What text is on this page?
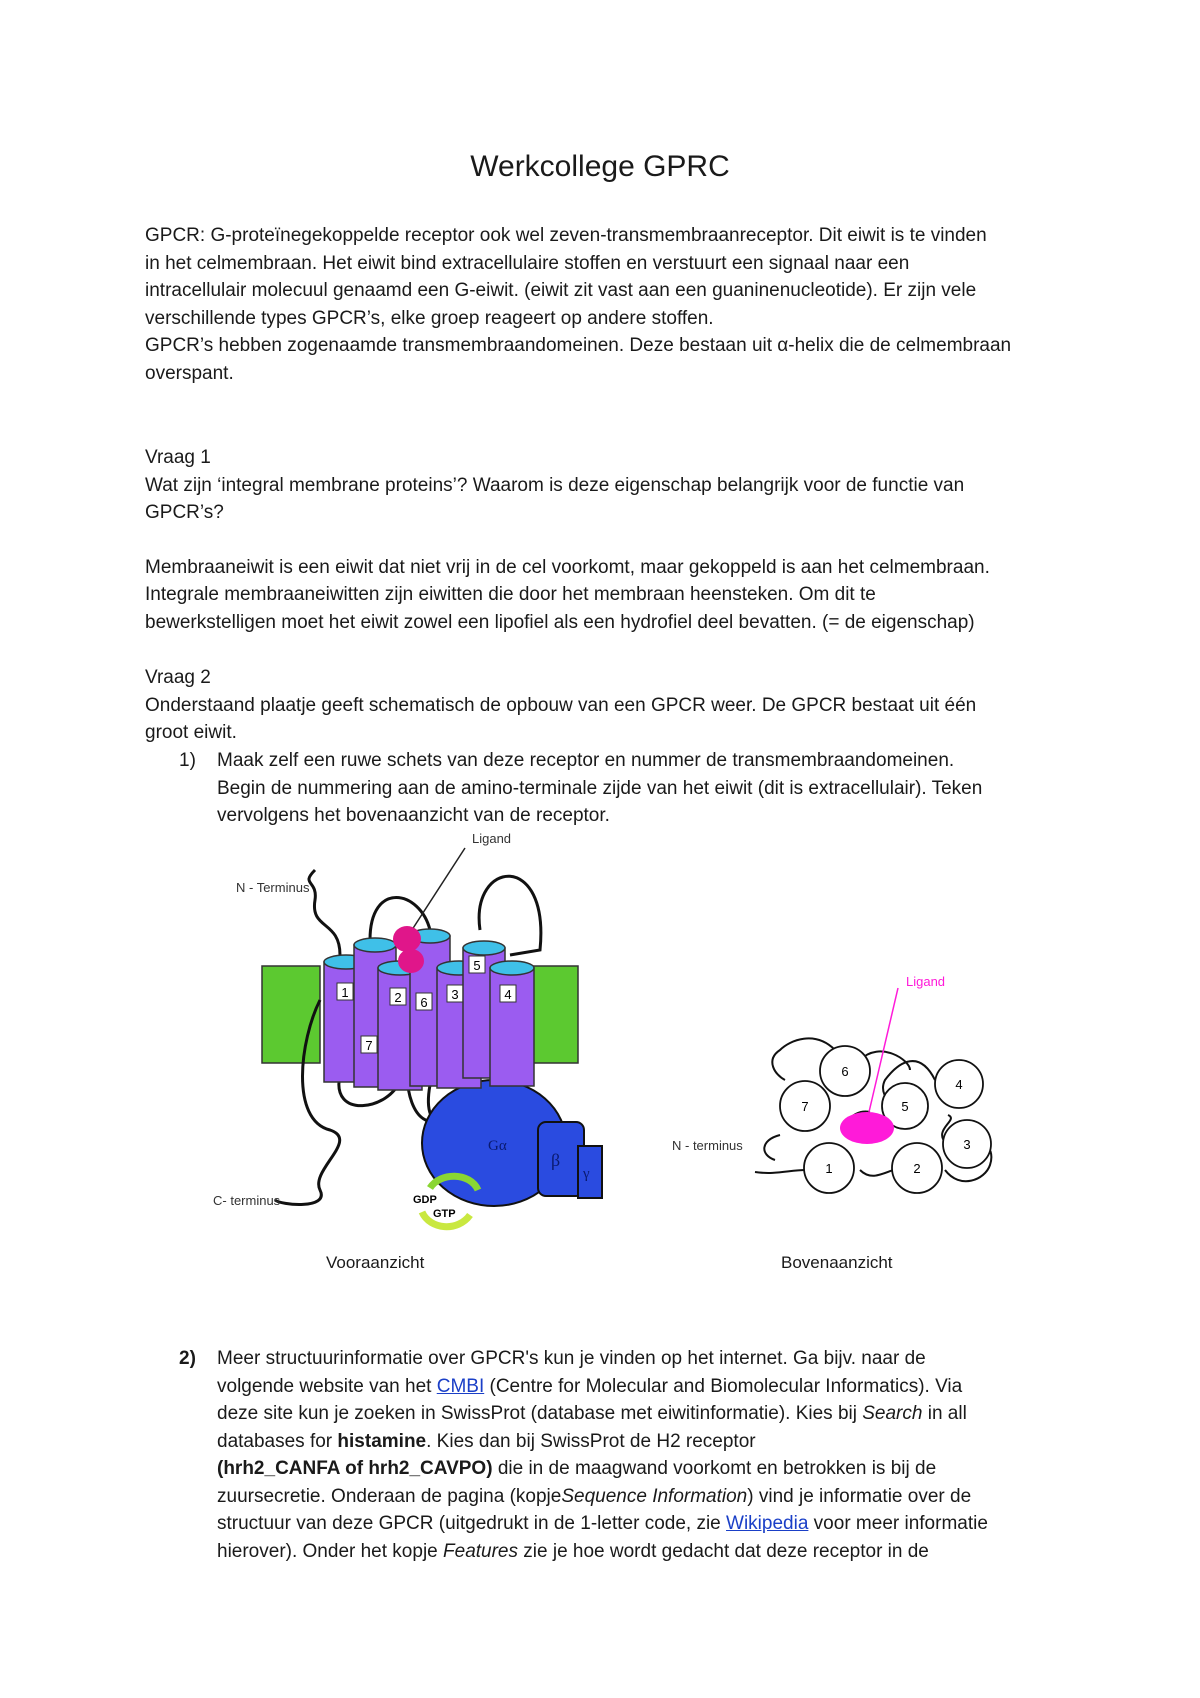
Werkcollege GPRC

GPCR: G-proteïnegekoppelde receptor ook wel zeven-transmembraanreceptor. Dit eiwit is te vinden

in het celmembraan. Het eiwit bind extracellulaire stoffen en verstuurt een signaal naar een

intracellulair molecuul genaamd een G-eiwit. (eiwit zit vast aan een guaninenucleotide). Er zijn vele

verschillende types GPCR’s, elke groep reageert op andere stoffen.

GPCR’s hebben zogenaamde transmembraandomeinen. Deze bestaan uit α-helix die de celmembraan

overspant.

Vraag 1

Wat zijn ‘integral membrane proteins’? Waarom is deze eigenschap belangrijk voor de functie van

GPCR’s?

Membraaneiwit is een eiwit dat niet vrij in de cel voorkomt, maar gekoppeld is aan het celmembraan.

Integrale membraaneiwitten zijn eiwitten die door het membraan heensteken. Om dit te

bewerkstelligen moet het eiwit zowel een lipofiel als een hydrofiel deel bevatten. (= de eigenschap)

Vraag 2

Onderstaand plaatje geeft schematisch de opbouw van een GPCR weer. De GPCR bestaat uit één

groot eiwit.

1) Maak zelf een ruwe schets van deze receptor en nummer de transmembraandomeinen.
Begin de nummering aan de amino-terminale zijde van het eiwit (dit is extracellulair). Teken
vervolgens het bovenaanzicht van de receptor.
1	2	3	4
5
6
7
Ligand
N - Terminus
C- terminus
Gα
β
γ
GDP
GTP
1	2
3
4
5
6
7
Ligand
N - terminus
Vooraanzicht	Bovenaanzicht
2) Meer structuurinformatie over GPCR's kun je vinden op het internet. Ga bijv. naar de
volgende website van het CMBI (Centre for Molecular and Biomolecular Informatics). Via
deze site kun je zoeken in SwissProt (database met eiwitinformatie). Kies bij Search in all
databases for histamine. Kies dan bij SwissProt de H2 receptor
(hrh2_CANFA of hrh2_CAVPO) die in de maagwand voorkomt en betrokken is bij de
zuursecretie. Onderaan de pagina (kopjeSequence Information) vind je informatie over de
structuur van deze GPCR (uitgedrukt in de 1-letter code, zie Wikipedia voor meer informatie
hierover). Onder het kopje Features zie je hoe wordt gedacht dat deze receptor in de
